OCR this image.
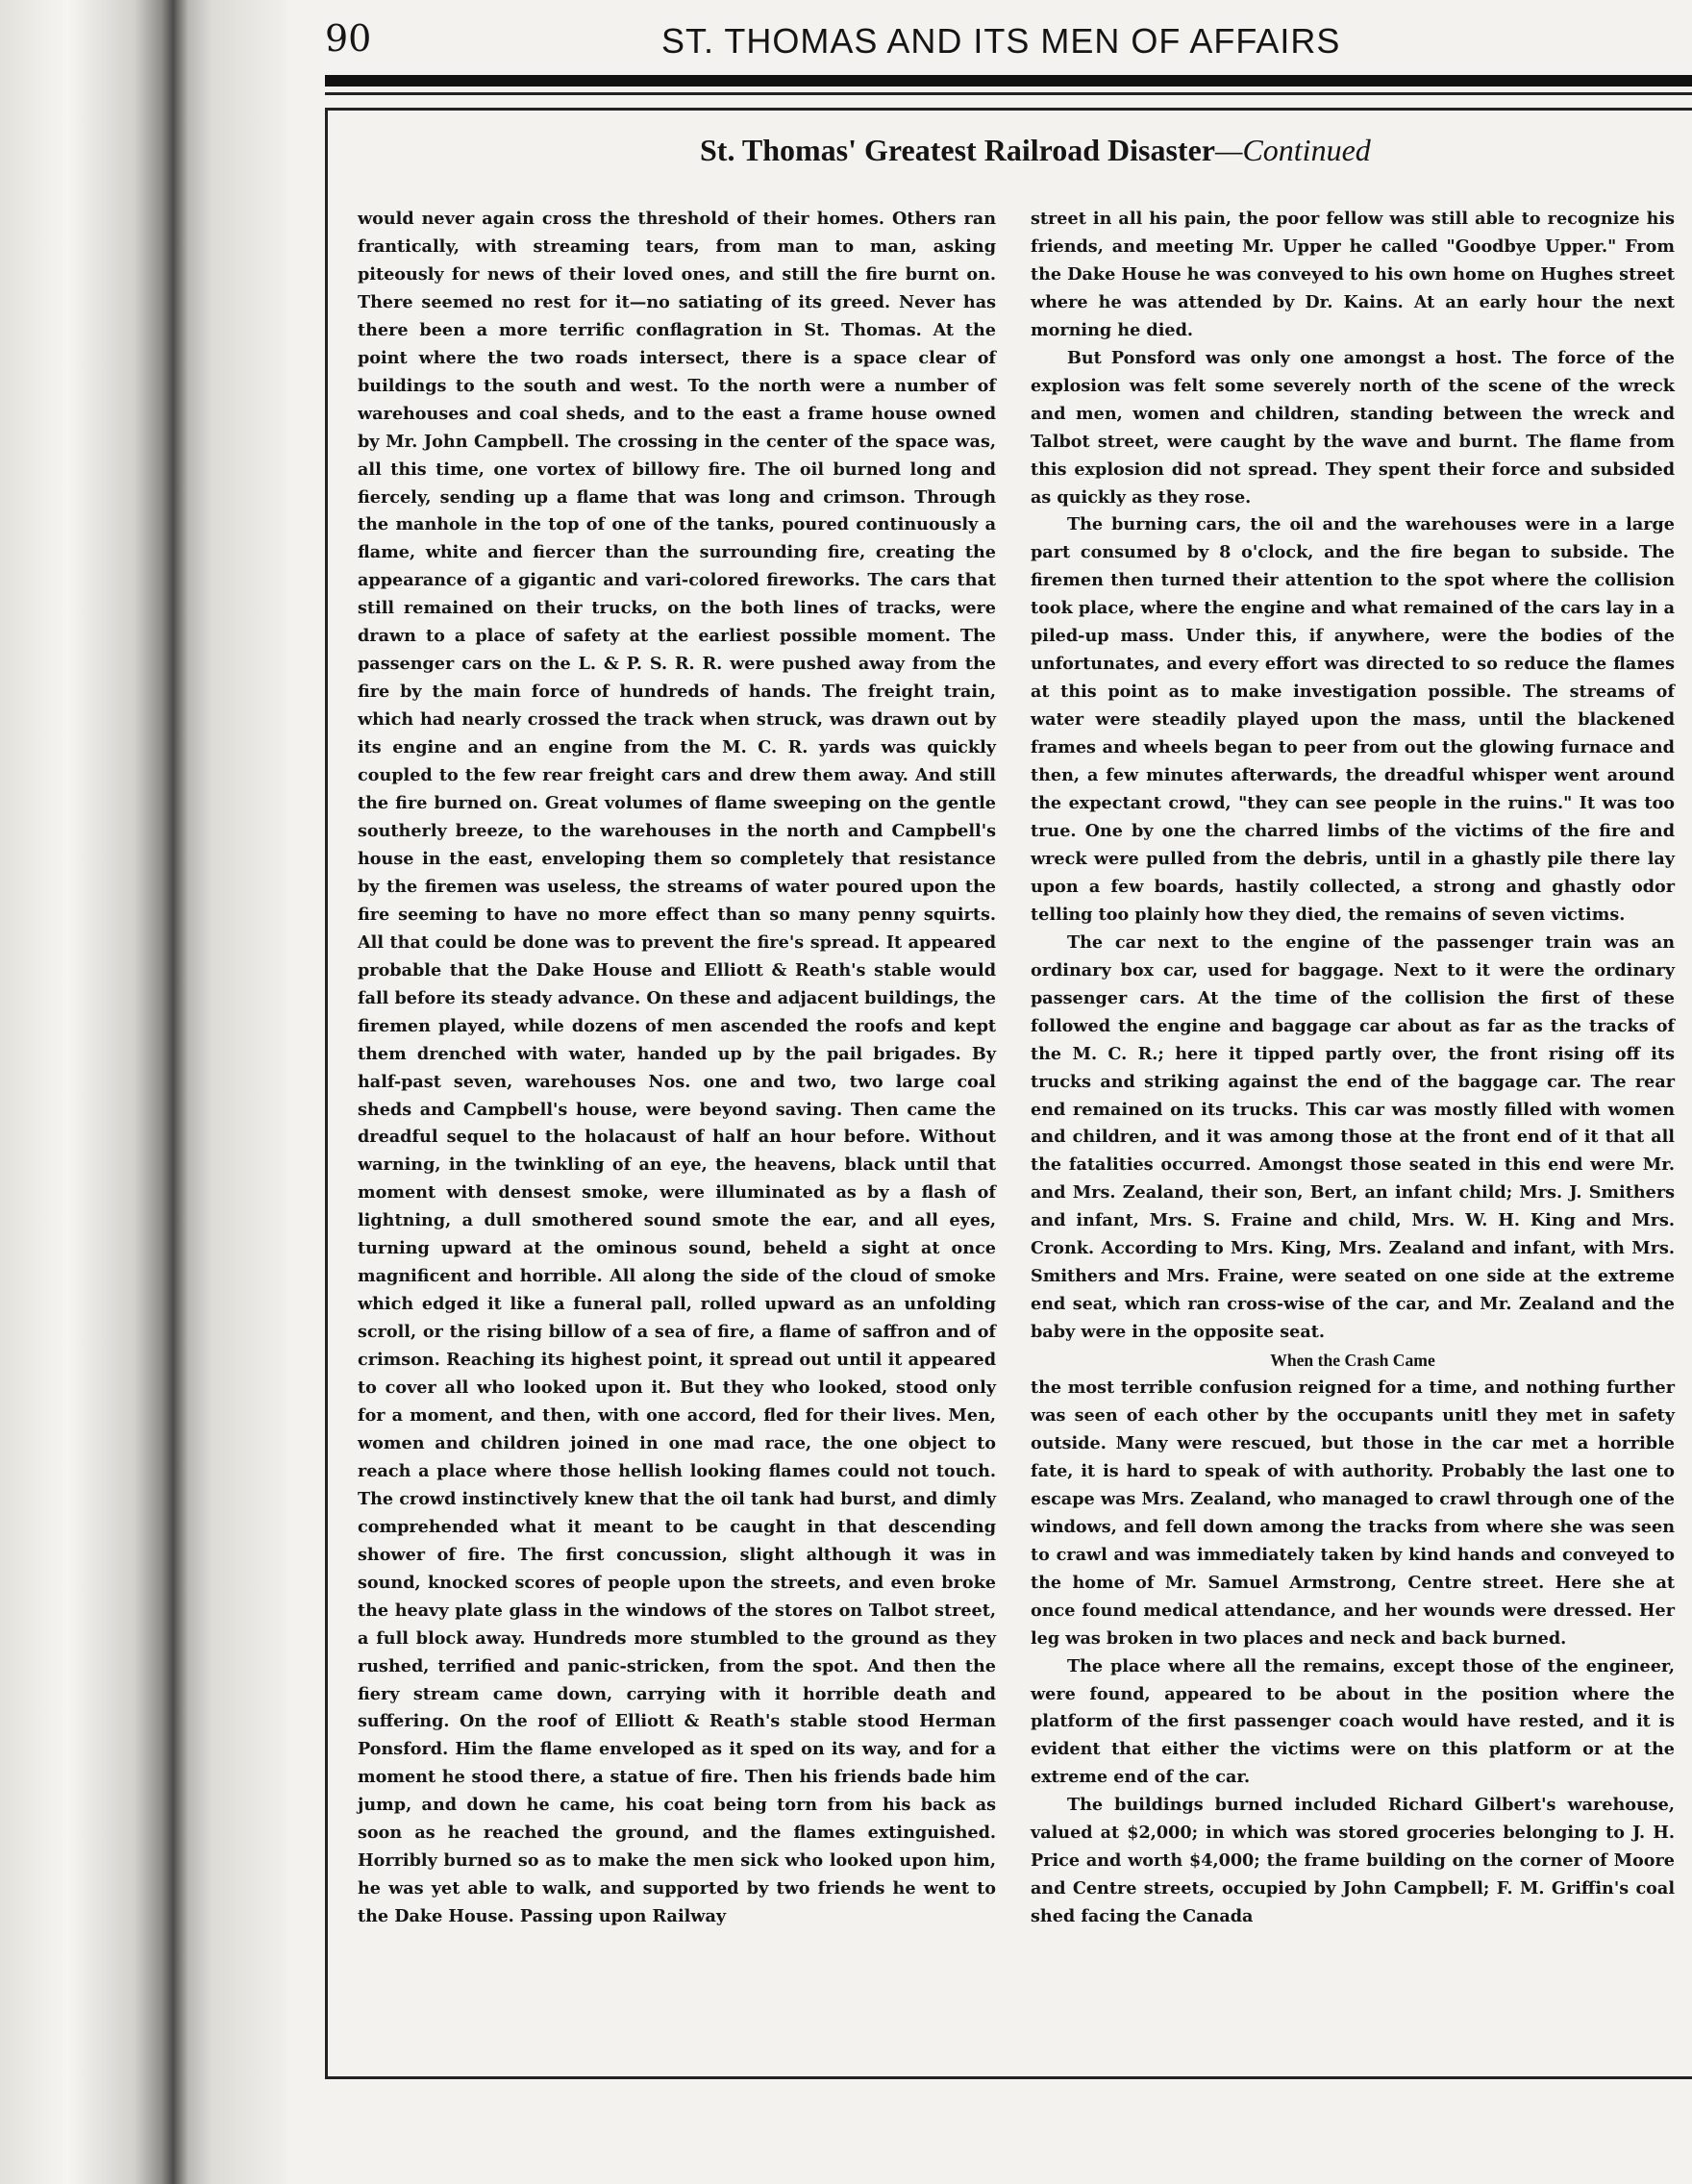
90	ST. THOMAS AND ITS MEN OF AFFAIRS
St. Thomas' Greatest Railroad Disaster—Continued

would never again cross the threshold of their homes. Others ran frantically, with streaming tears, from man to man, asking piteously for news of their loved ones, and still the fire burnt on. There seemed no rest for it—no satiating of its greed. Never has there been a more terrific conflagration in St. Thomas. At the point where the two roads intersect, there is a space clear of buildings to the south and west. To the north were a number of warehouses and coal sheds, and to the east a frame house owned by Mr. John Campbell. The crossing in the center of the space was, all this time, one vortex of billowy fire. The oil burned long and fiercely, sending up a flame that was long and crimson. Through the manhole in the top of one of the tanks, poured continuously a flame, white and fiercer than the surrounding fire, creating the appearance of a gigantic and vari-colored fireworks. The cars that still remained on their trucks, on the both lines of tracks, were drawn to a place of safety at the earliest possible moment. The passenger cars on the L. & P. S. R. R. were pushed away from the fire by the main force of hundreds of hands. The freight train, which had nearly crossed the track when struck, was drawn out by its engine and an engine from the M. C. R. yards was quickly coupled to the few rear freight cars and drew them away. And still the fire burned on. Great volumes of flame sweeping on the gentle southerly breeze, to the warehouses in the north and Campbell's house in the east, enveloping them so completely that resistance by the firemen was useless, the streams of water poured upon the fire seeming to have no more effect than so many penny squirts. All that could be done was to prevent the fire's spread. It appeared probable that the Dake House and Elliott & Reath's stable would fall before its steady advance. On these and adjacent buildings, the firemen played, while dozens of men ascended the roofs and kept them drenched with water, handed up by the pail brigades. By half-past seven, warehouses Nos. one and two, two large coal sheds and Campbell's house, were beyond saving. Then came the dreadful sequel to the holacaust of half an hour before. Without warning, in the twinkling of an eye, the heavens, black until that moment with densest smoke, were illuminated as by a flash of lightning, a dull smothered sound smote the ear, and all eyes, turning upward at the ominous sound, beheld a sight at once magnificent and horrible. All along the side of the cloud of smoke which edged it like a funeral pall, rolled upward as an unfolding scroll, or the rising billow of a sea of fire, a flame of saffron and of crimson. Reaching its highest point, it spread out until it appeared to cover all who looked upon it. But they who looked, stood only for a moment, and then, with one accord, fled for their lives. Men, women and children joined in one mad race, the one object to reach a place where those hellish looking flames could not touch. The crowd instinctively knew that the oil tank had burst, and dimly comprehended what it meant to be caught in that descending shower of fire. The first concussion, slight although it was in sound, knocked scores of people upon the streets, and even broke the heavy plate glass in the windows of the stores on Talbot street, a full block away. Hundreds more stumbled to the ground as they rushed, terrified and panic-stricken, from the spot. And then the fiery stream came down, carrying with it horrible death and suffering. On the roof of Elliott & Reath's stable stood Herman Ponsford. Him the flame enveloped as it sped on its way, and for a moment he stood there, a statue of fire. Then his friends bade him jump, and down he came, his coat being torn from his back as soon as he reached the ground, and the flames extinguished. Horribly burned so as to make the men sick who looked upon him, he was yet able to walk, and supported by two friends he went to the Dake House. Passing upon Railway

street in all his pain, the poor fellow was still able to recognize his friends, and meeting Mr. Upper he called "Goodbye Upper." From the Dake House he was conveyed to his own home on Hughes street where he was attended by Dr. Kains. At an early hour the next morning he died.

But Ponsford was only one amongst a host. The force of the explosion was felt some severely north of the scene of the wreck and men, women and children, standing between the wreck and Talbot street, were caught by the wave and burnt. The flame from this explosion did not spread. They spent their force and subsided as quickly as they rose.

The burning cars, the oil and the warehouses were in a large part consumed by 8 o'clock, and the fire began to subside. The firemen then turned their attention to the spot where the collision took place, where the engine and what remained of the cars lay in a piled-up mass. Under this, if anywhere, were the bodies of the unfortunates, and every effort was directed to so reduce the flames at this point as to make investigation possible. The streams of water were steadily played upon the mass, until the blackened frames and wheels began to peer from out the glowing furnace and then, a few minutes afterwards, the dreadful whisper went around the expectant crowd, "they can see people in the ruins." It was too true. One by one the charred limbs of the victims of the fire and wreck were pulled from the debris, until in a ghastly pile there lay upon a few boards, hastily collected, a strong and ghastly odor telling too plainly how they died, the remains of seven victims.

The car next to the engine of the passenger train was an ordinary box car, used for baggage. Next to it were the ordinary passenger cars. At the time of the collision the first of these followed the engine and baggage car about as far as the tracks of the M. C. R.; here it tipped partly over, the front rising off its trucks and striking against the end of the baggage car. The rear end remained on its trucks. This car was mostly filled with women and children, and it was among those at the front end of it that all the fatalities occurred. Amongst those seated in this end were Mr. and Mrs. Zealand, their son, Bert, an infant child; Mrs. J. Smithers and infant, Mrs. S. Fraine and child, Mrs. W. H. King and Mrs. Cronk. According to Mrs. King, Mrs. Zealand and infant, with Mrs. Smithers and Mrs. Fraine, were seated on one side at the extreme end seat, which ran cross-wise of the car, and Mr. Zealand and the baby were in the opposite seat.

When the Crash Came

the most terrible confusion reigned for a time, and nothing further was seen of each other by the occupants unitl they met in safety outside. Many were rescued, but those in the car met a horrible fate, it is hard to speak of with authority. Probably the last one to escape was Mrs. Zealand, who managed to crawl through one of the windows, and fell down among the tracks from where she was seen to crawl and was immediately taken by kind hands and conveyed to the home of Mr. Samuel Armstrong, Centre street. Here she at once found medical attendance, and her wounds were dressed. Her leg was broken in two places and neck and back burned.

The place where all the remains, except those of the engineer, were found, appeared to be about in the position where the platform of the first passenger coach would have rested, and it is evident that either the victims were on this platform or at the extreme end of the car.

The buildings burned included Richard Gilbert's warehouse, valued at $2,000; in which was stored groceries belonging to J. H. Price and worth $4,000; the frame building on the corner of Moore and Centre streets, occupied by John Campbell; F. M. Griffin's coal shed facing the Canada
